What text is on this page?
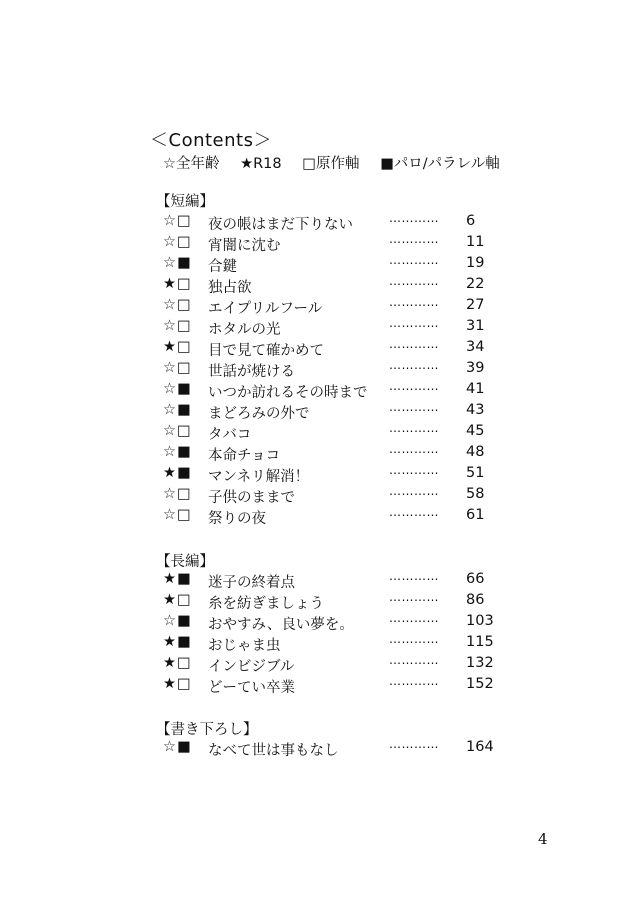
＜Contents＞
☆全年齢 ★R18 □原作軸 ■パロ/パラレル軸
【短編】
☆□ 夜の帳はまだ下りない	………… 6
☆□ 宵闇に沈む	………… 11
☆■ 合鍵	………… 19
★□ 独占欲	………… 22
☆□ エイプリルフール	………… 27
☆□ ホタルの光	………… 31
★□ 目で見て確かめて	………… 34
☆□ 世話が焼ける	………… 39
☆■ いつか訪れるその時まで ………… 41
☆■ まどろみの外で	………… 43
☆□ タバコ	………… 45
☆■ 本命チョコ	………… 48
★■ マンネリ解消！	………… 51
☆□ 子供のままで	………… 58
☆□ 祭りの夜	………… 61
【長編】
★■ 迷子の終着点	………… 66
★□ 糸を紡ぎましょう	………… 86
☆■ おやすみ、良い夢を。	………… 103
★■ おじゃま虫	………… 115
★□ インビジブル	………… 132
★□ どーてい卒業	………… 152
【書き下ろし】
☆■ なべて世は事もなし	………… 164
4
